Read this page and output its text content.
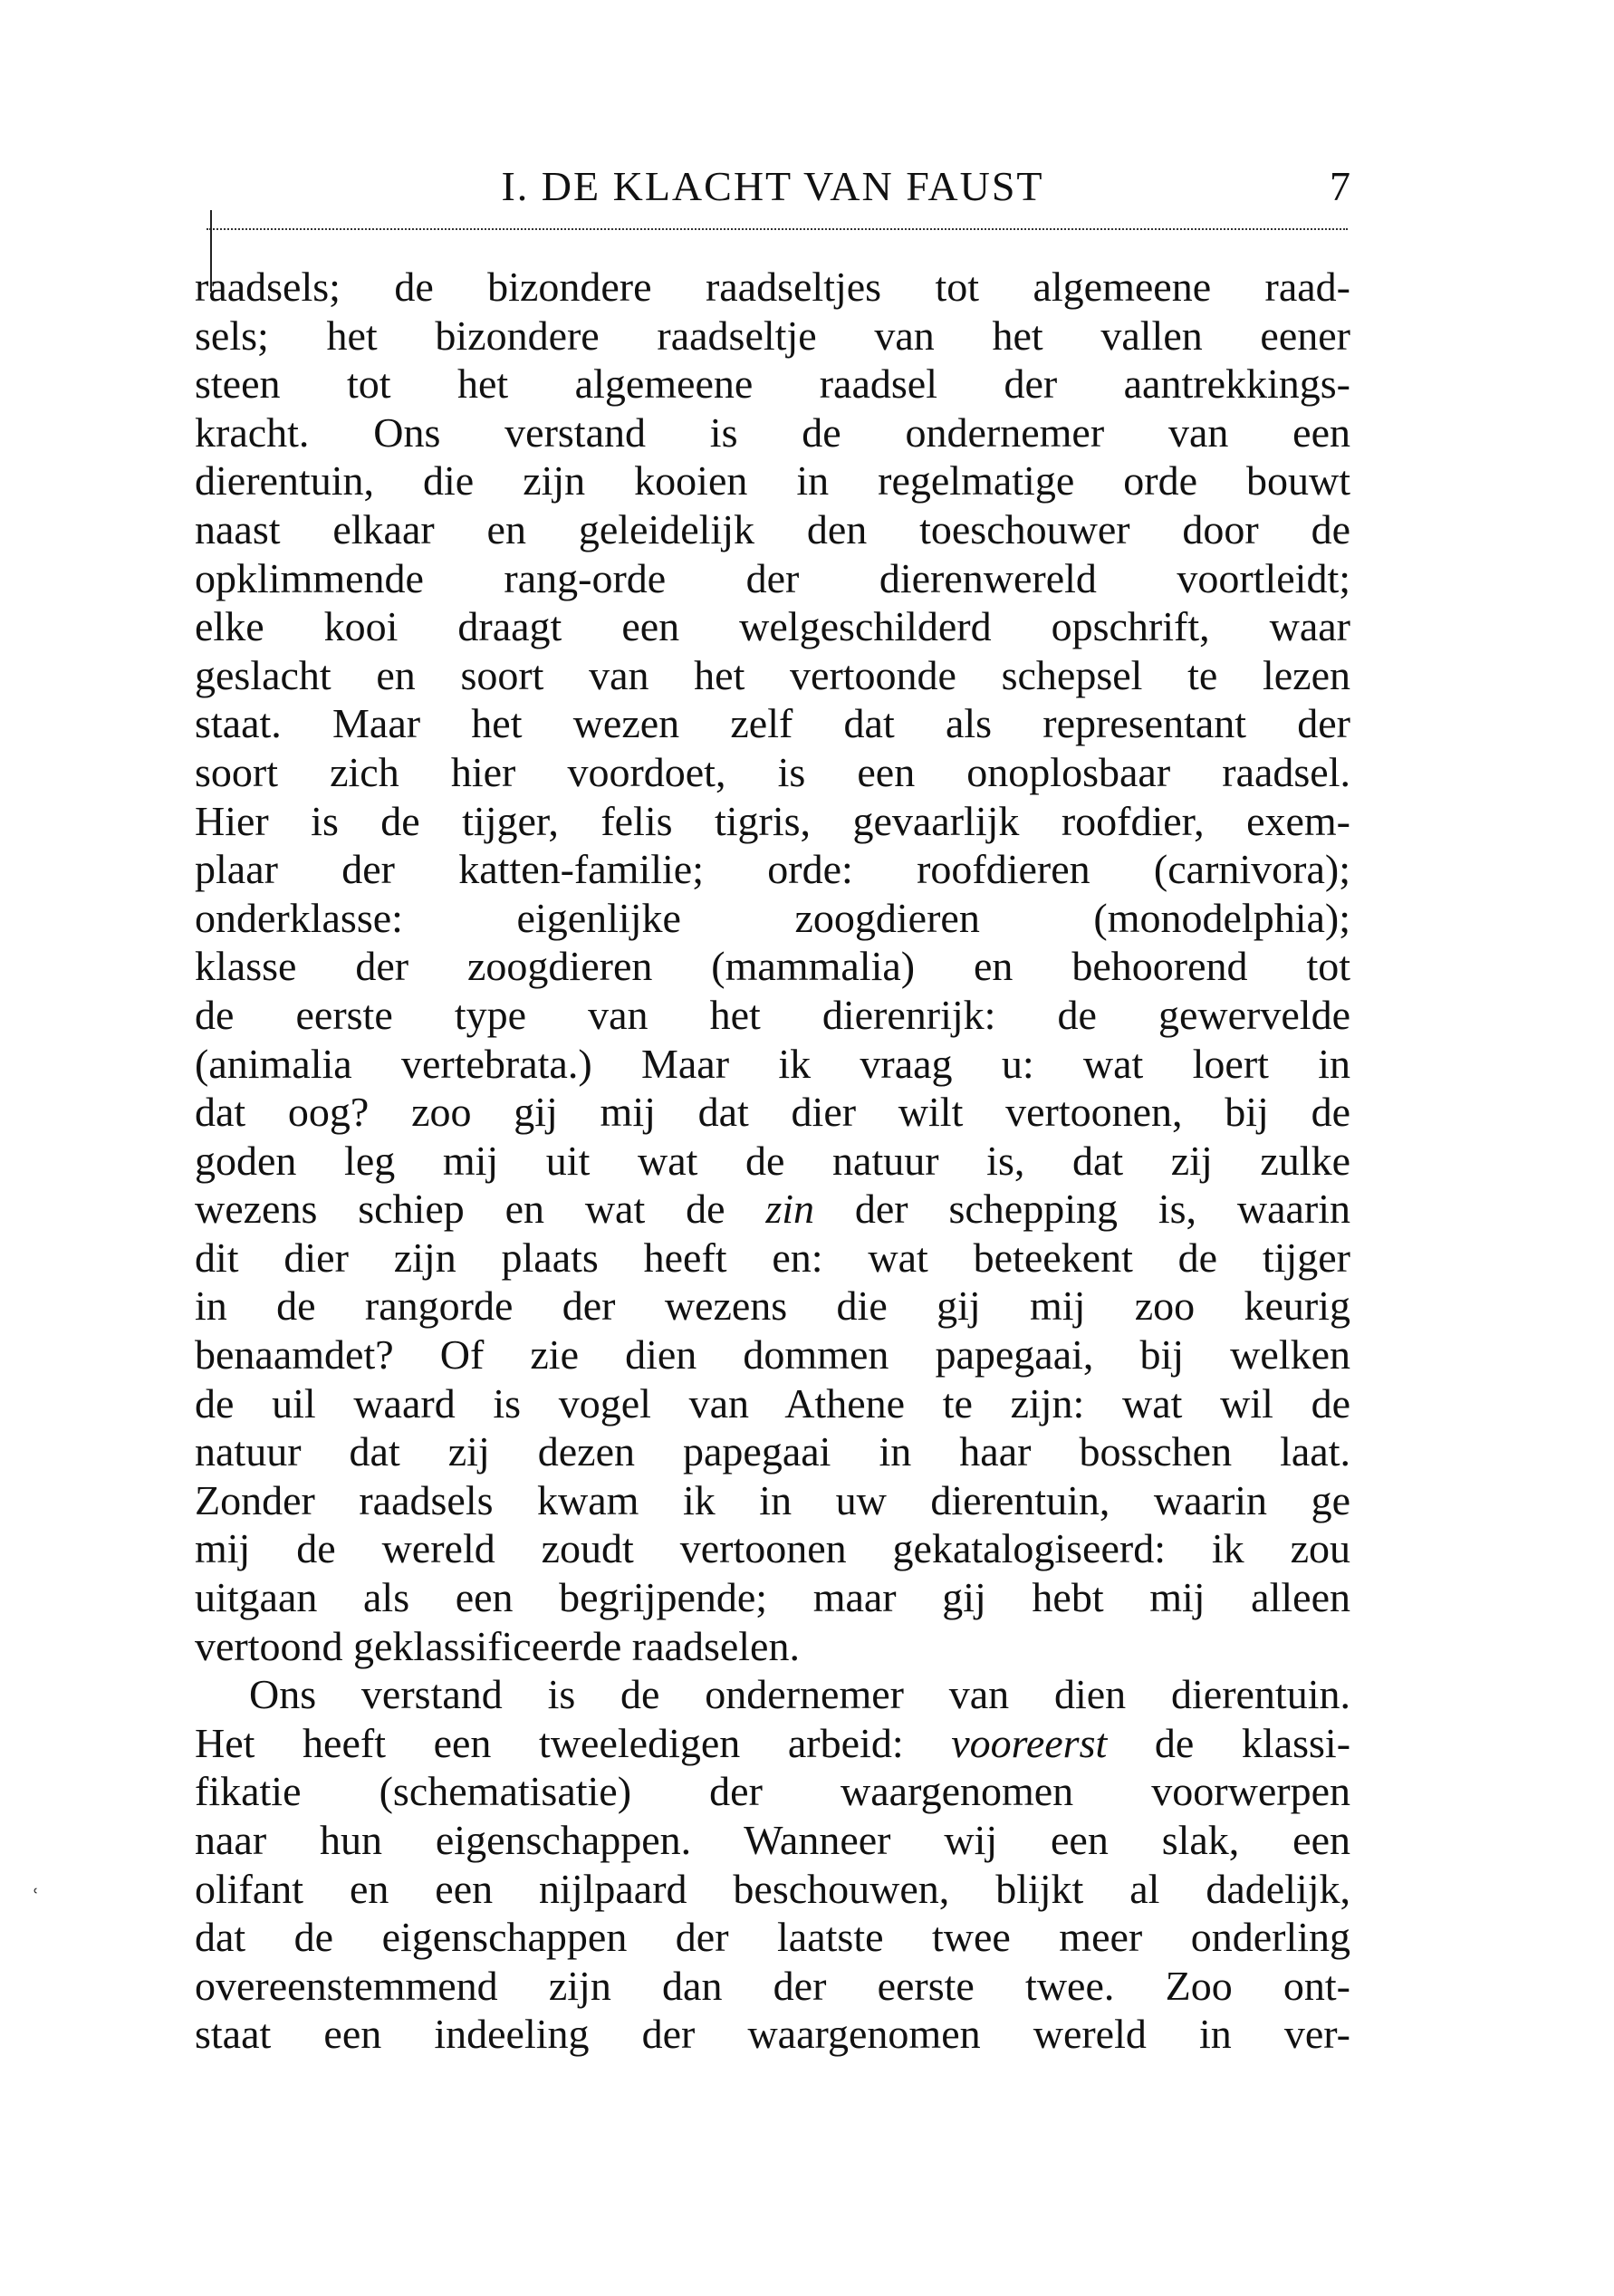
I. DE KLACHT VAN FAUST	7
ʿ
raadsels; de bizondere raadseltjes tot algemeene raad-
sels; het bizondere raadseltje van het vallen eener
steen tot het algemeene raadsel der aantrekkings-
kracht. Ons verstand is de ondernemer van een
dierentuin, die zijn kooien in regelmatige orde bouwt
naast elkaar en geleidelijk den toeschouwer door de
opklimmende rang-orde der dierenwereld voortleidt;
elke kooi draagt een welgeschilderd opschrift, waar
geslacht en soort van het vertoonde schepsel te lezen
staat. Maar het wezen zelf dat als representant der
soort zich hier voordoet, is een onoplosbaar raadsel.
Hier is de tijger, felis tigris, gevaarlijk roofdier, exem-
plaar der katten-familie; orde: roofdieren (carnivora);
onderklasse: eigenlijke zoogdieren (monodelphia);
klasse der zoogdieren (mammalia) en behoorend tot
de eerste type van het dierenrijk: de gewervelde
(animalia vertebrata.) Maar ik vraag u: wat loert in
dat oog? zoo gij mij dat dier wilt vertoonen, bij de
goden leg mij uit wat de natuur is, dat zij zulke
wezens schiep en wat de zin der schepping is, waarin
dit dier zijn plaats heeft en: wat beteekent de tijger
in de rangorde der wezens die gij mij zoo keurig
benaamdet? Of zie dien dommen papegaai, bij welken
de uil waard is vogel van Athene te zijn: wat wil de
natuur dat zij dezen papegaai in haar bosschen laat.
Zonder raadsels kwam ik in uw dierentuin, waarin ge
mij de wereld zoudt vertoonen gekatalogiseerd: ik zou
uitgaan als een begrijpende; maar gij hebt mij alleen
vertoond geklassificeerde raadselen.
Ons verstand is de ondernemer van dien dierentuin.
Het heeft een tweeledigen arbeid: vooreerst de klassi-
fikatie (schematisatie) der waargenomen voorwerpen
naar hun eigenschappen. Wanneer wij een slak, een
olifant en een nijlpaard beschouwen, blijkt al dadelijk,
dat de eigenschappen der laatste twee meer onderling
overeenstemmend zijn dan der eerste twee. Zoo ont-
staat een indeeling der waargenomen wereld in ver-
